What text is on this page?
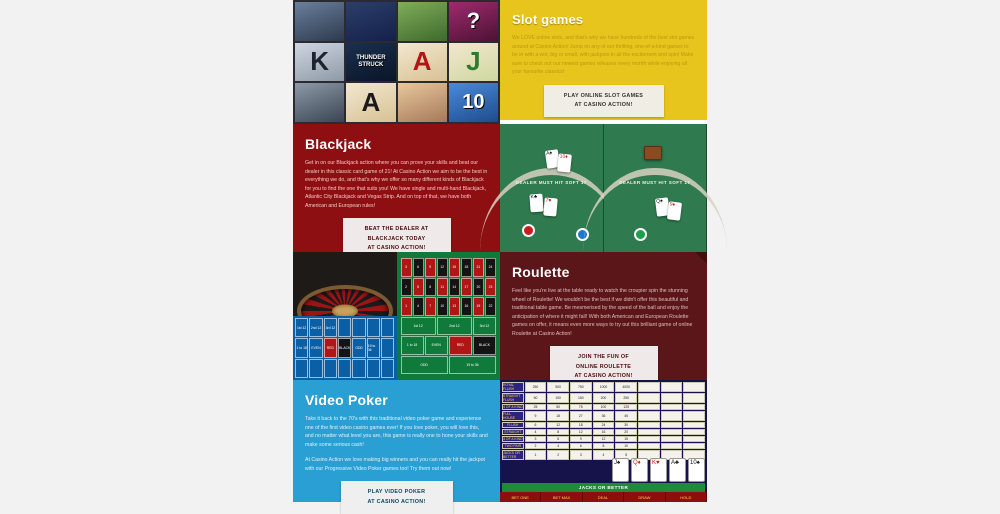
?
K	THUNDER STRUCK	A	J
A	10
Slot games

We LOVE online slots, and that's why we have hundreds of the best slot games around at Casino Action! Jump on any of our thrilling, one-of-a-kind games to be in with a win, big or small, with jackpots in all the excitement and spin! Make sure to check out our newest games releases every month while enjoying all your favourite classics!

PLAY ONLINE SLOT GAMES
AT CASINO ACTION!
Blackjack

Get in on our Blackjack action where you can prove your skills and beat our dealer in this classic card game of 21! At Casino Action we aim to be the best in everything we do, and that's why we offer so many different kinds of Blackjack for you to find the one that suits you! We have single and multi-hand Blackjack, Atlantic City Blackjack and Vegas Strip. And on top of that, we have both American and European rules!

BEAT THE DEALER AT
BLACKJACK TODAY
AT CASINO ACTION!
DEALER MUST HIT SOFT 17
A♠
10♦
K♣
7♥
DEALER MUST HIT SOFT 17
Q♠
9♦
1st 12	2nd 12	3rd 12
1 to 18	EVEN	RED	BLACK	ODD	19 to 36
3	6	9	12	15	18	21	24
2	5	8	11	14	17	20	23
1	4	7	10	13	16	19	22
1st 12	2nd 12	3rd 12
1 to 18	EVEN	RED	BLACK
ODD	19 to 36
Roulette

Feel like you're live at the table ready to watch the croupier spin the stunning wheel of Roulette! We wouldn't be the best if we didn't offer this beautiful and traditional table game. Be mesmerised by the speed of the ball and enjoy the anticipation of where it might fall! With both American and European Roulette games on offer, it means even more ways to try out this brilliant game of online Roulette at Casino Action!

JOIN THE FUN OF
ONLINE ROULETTE
AT CASINO ACTION!
Video Poker

Take it back to the 70's with this traditional video poker game and experience one of the first video casino games ever! If you love poker, you will love this, and no matter what level you are, this game is really one to hone your skills and make some serious cash!

At Casino Action we love making big winners and you can really hit the jackpot with our Progressive Video Poker games too! Try them out now!

PLAY VIDEO POKER
AT CASINO ACTION!
ROYAL FLUSH	250	500	750	1000	4000
STRAIGHT FLUSH	50	100	150	200	250
4 OF A KIND	25	50	75	100	125
FULL HOUSE	9	18	27	36	45
FLUSH	6	12	18	24	30
STRAIGHT	4	8	12	16	20
3 OF A KIND	3	6	9	12	15
TWO PAIR	2	4	6	8	10
JACKS OR BETTER	1	2	3	4	5
J♠	Q♦	K♥	A♣	10♠
JACKS OR BETTER
BET ONE	BET MAX	DEAL	DRAW	HOLD
